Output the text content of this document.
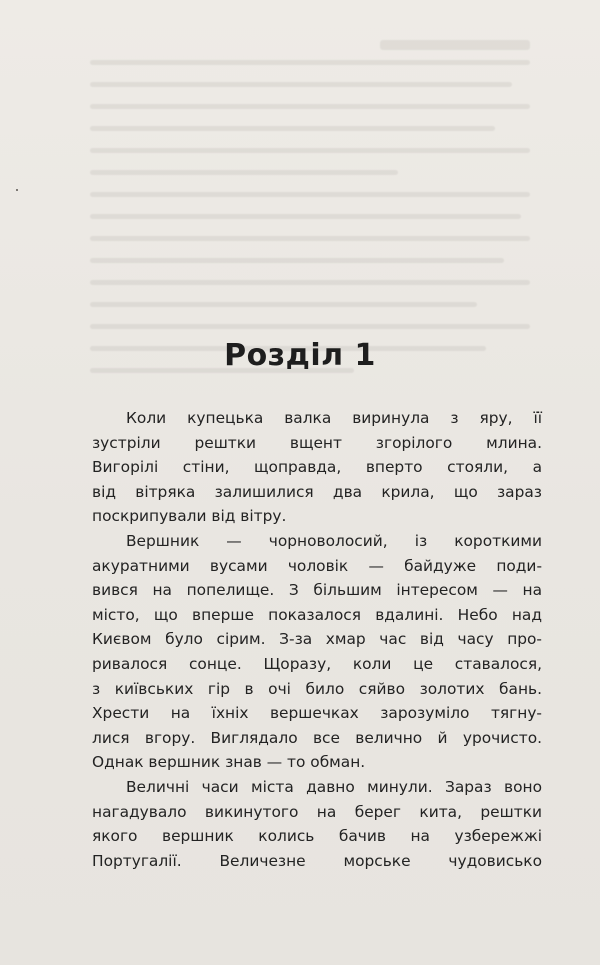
Розділ 1
Коли купецька валка виринула з яру, її
зустріли рештки вщент згорілого млина.
Вигорілі стіни, щоправда, вперто стояли, а
від вітряка залишилися два крила, що зараз
поскрипували від вітру.
Вершник — чорноволосий, із короткими
акуратними вусами чоловік — байдуже поди-
вився на попелище. З більшим інтересом — на
місто, що вперше показалося вдалині. Небо над
Києвом було сірим. З-за хмар час від часу про-
ривалося сонце. Щоразу, коли це ставалося,
з київських гір в очі било сяйво золотих бань.
Хрести на їхніх вершечках зарозуміло тягну-
лися вгору. Виглядало все велично й урочисто.
Однак вершник знав — то обман.
Величні часи міста давно минули. Зараз воно
нагадувало викинутого на берег кита, рештки
якого вершник колись бачив на узбережжі
Португалії. Величезне морське чудовисько
